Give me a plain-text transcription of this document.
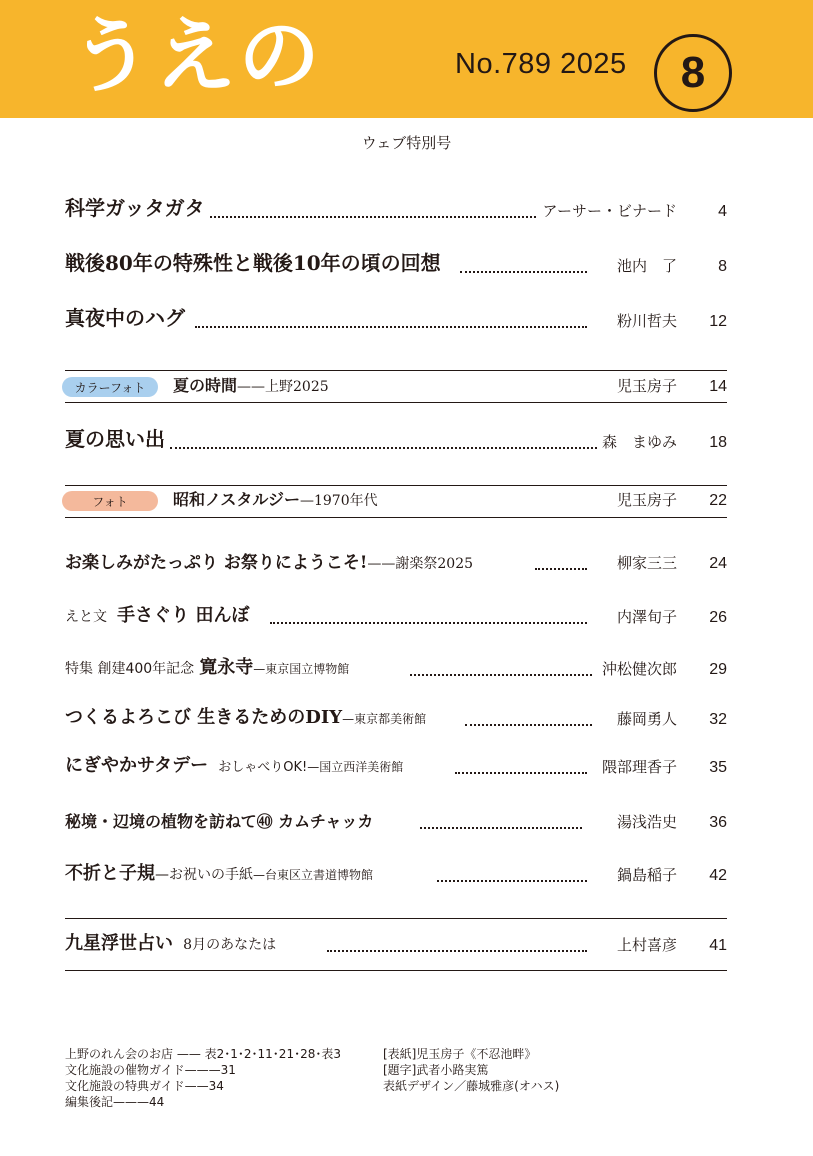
うえの	No.789 2025	8
ウェブ特別号
科学ガッタガタ	アーサー・ビナード	4
戦後80年の特殊性と戦後10年の頃の回想	池内　了	8
真夜中のハグ	粉川哲夫 12
カラーフォト	夏の時間——上野2025	児玉房子 14
夏の思い出	森　まゆみ 18
フォト	昭和ノスタルジー—1970年代	児玉房子 22
お楽しみがたっぷり お祭りにようこそ!——謝楽祭2025	柳家三三 24
えと文 手さぐり 田んぼ	内澤旬子 26
特集 創建400年記念 寛永寺—東京国立博物館	沖松健次郎 29
つくるよろこび 生きるためのDIY—東京都美術館	藤岡勇人 32
にぎやかサタデー おしゃべりOK!—国立西洋美術館	隈部理香子 35
秘境・辺境の植物を訪ねて㊵ カムチャッカ	湯浅浩史 36
不折と子規—お祝いの手紙—台東区立書道博物館	鍋島稲子 42
九星浮世占い 8月のあなたは	上村喜彦 41
上野のれん会のお店 —— 表2･1･2･11･21･28･表3
文化施設の催物ガイド———31
文化施設の特典ガイド——34
編集後記———44
[表紙]児玉房子《不忍池畔》
[題字]武者小路実篤
表紙デザイン／藤城雅彦(オハス)
